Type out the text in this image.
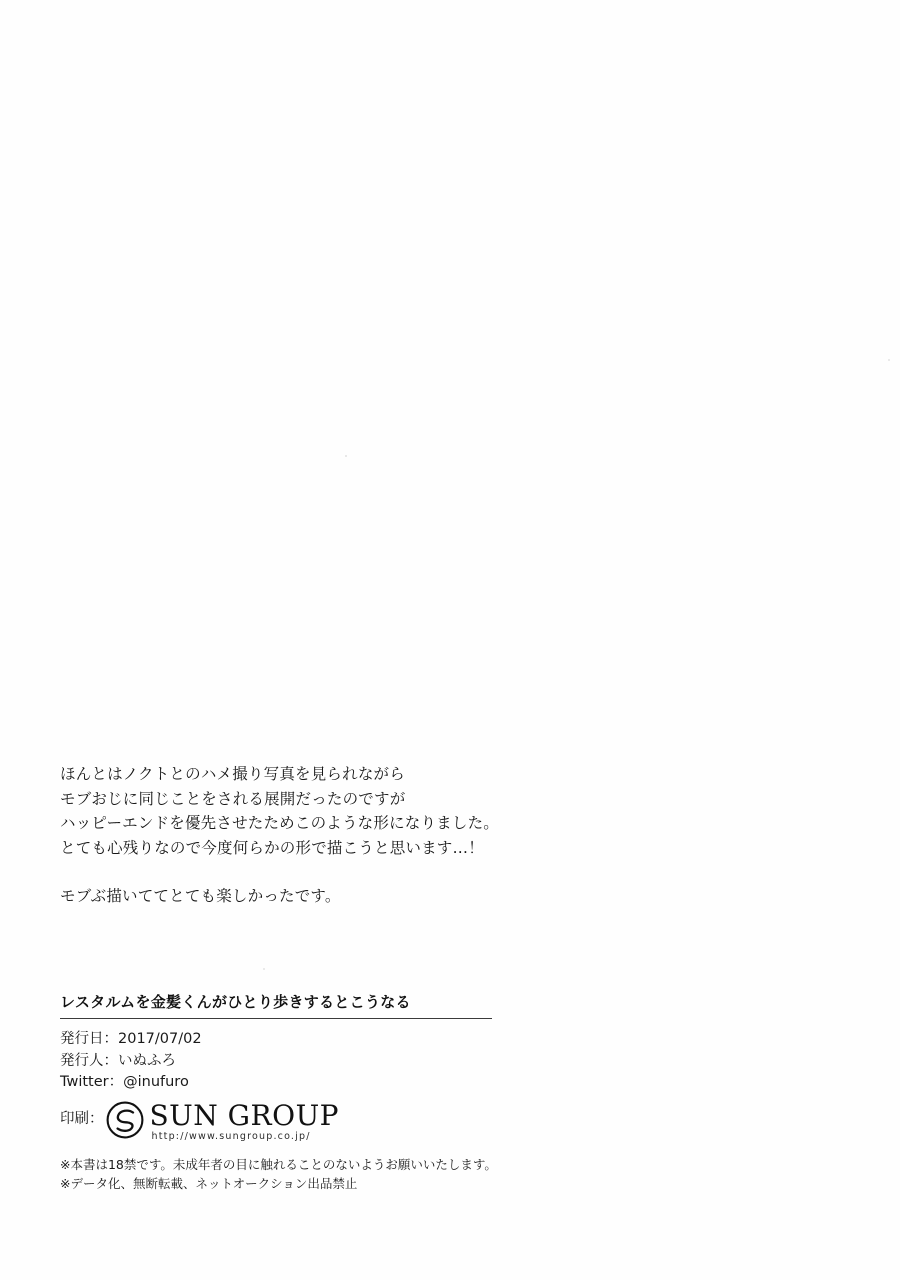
ほんとはノクトとのハメ撮り写真を見られながら
モブおじに同じことをされる展開だったのですが
ハッピーエンドを優先させたためこのような形になりました。
とても心残りなので今度何らかの形で描こうと思います…！
モブぶ描いててとても楽しかったです。
レスタルムを金髪くんがひとり歩きするとこうなる
発行日：2017/07/02
発行人：いぬふろ
Twitter：@inufuro
印刷： SUN GROUP
http://www.sungroup.co.jp/
※本書は18禁です。未成年者の目に触れることのないようお願いいたします。
※データ化、無断転載、ネットオークション出品禁止
